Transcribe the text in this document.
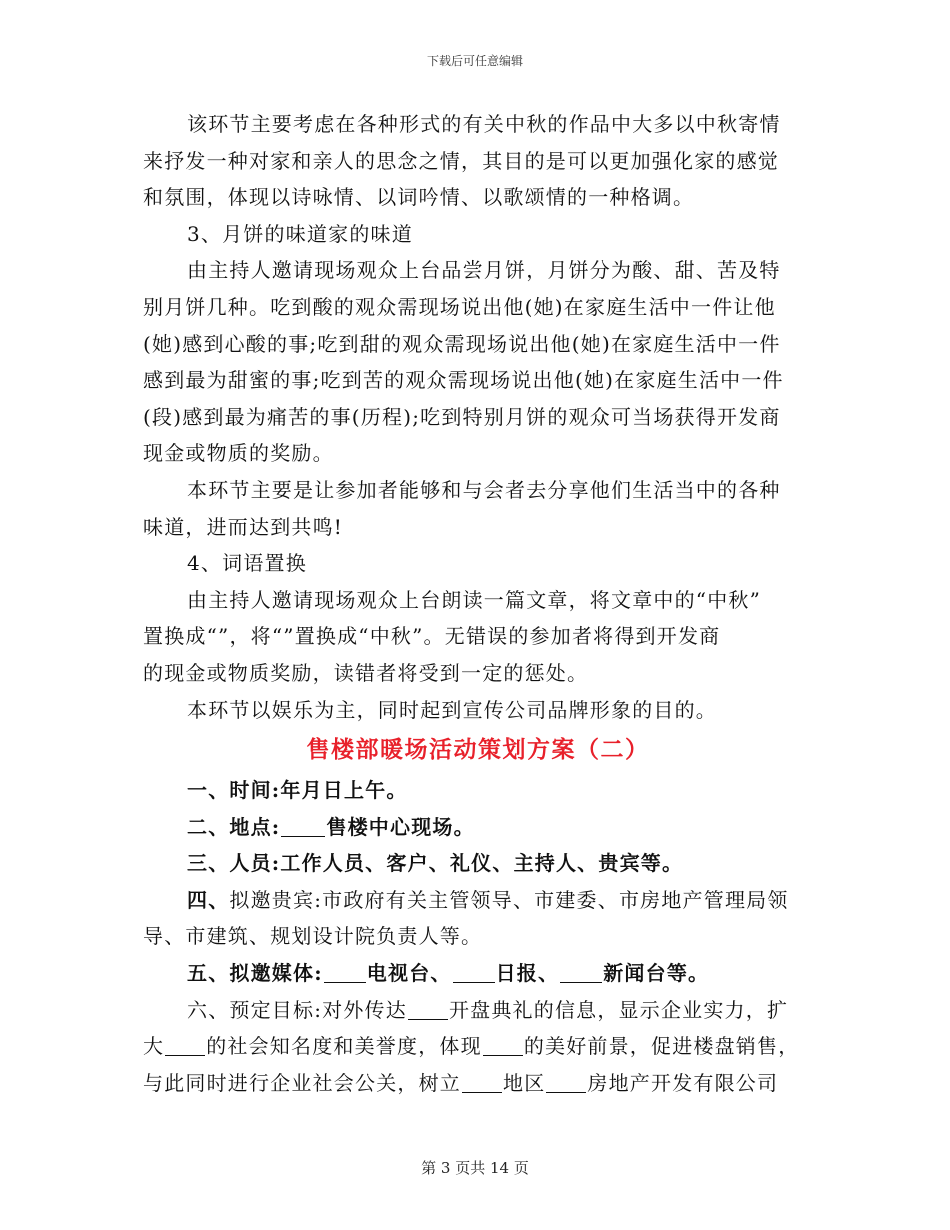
下载后可任意编辑
该环节主要考虑在各种形式的有关中秋的作品中大多以中秋寄情
来抒发一种对家和亲人的思念之情，其目的是可以更加强化家的感觉
和氛围，体现以诗咏情、以词吟情、以歌颂情的一种格调。
3、月饼的味道家的味道
由主持人邀请现场观众上台品尝月饼，月饼分为酸、甜、苦及特
别月饼几种。吃到酸的观众需现场说出他(她)在家庭生活中一件让他
(她)感到心酸的事;吃到甜的观众需现场说出他(她)在家庭生活中一件
感到最为甜蜜的事;吃到苦的观众需现场说出他(她)在家庭生活中一件
(段)感到最为痛苦的事(历程);吃到特别月饼的观众可当场获得开发商
现金或物质的奖励。
本环节主要是让参加者能够和与会者去分享他们生活当中的各种
味道，进而达到共鸣!
4、词语置换
由主持人邀请现场观众上台朗读一篇文章，将文章中的“中秋”
置换成“”，将“”置换成“中秋”。无错误的参加者将得到开发商
的现金或物质奖励，读错者将受到一定的惩处。
本环节以娱乐为主，同时起到宣传公司品牌形象的目的。
售楼部暖场活动策划方案（二）
一、时间:年月日上午。
二、地点: 售楼中心现场。
三、人员:工作人员、客户、礼仪、主持人、贵宾等。
四、拟邀贵宾:市政府有关主管领导、市建委、市房地产管理局领
导、市建筑、规划设计院负责人等。
五、拟邀媒体: 电视台、 日报、 新闻台等。
六、预定目标:对外传达 开盘典礼的信息，显示企业实力，扩
大 的社会知名度和美誉度，体现 的美好前景，促进楼盘销售，
与此同时进行企业社会公关，树立 地区 房地产开发有限公司
第 3 页共 14 页
